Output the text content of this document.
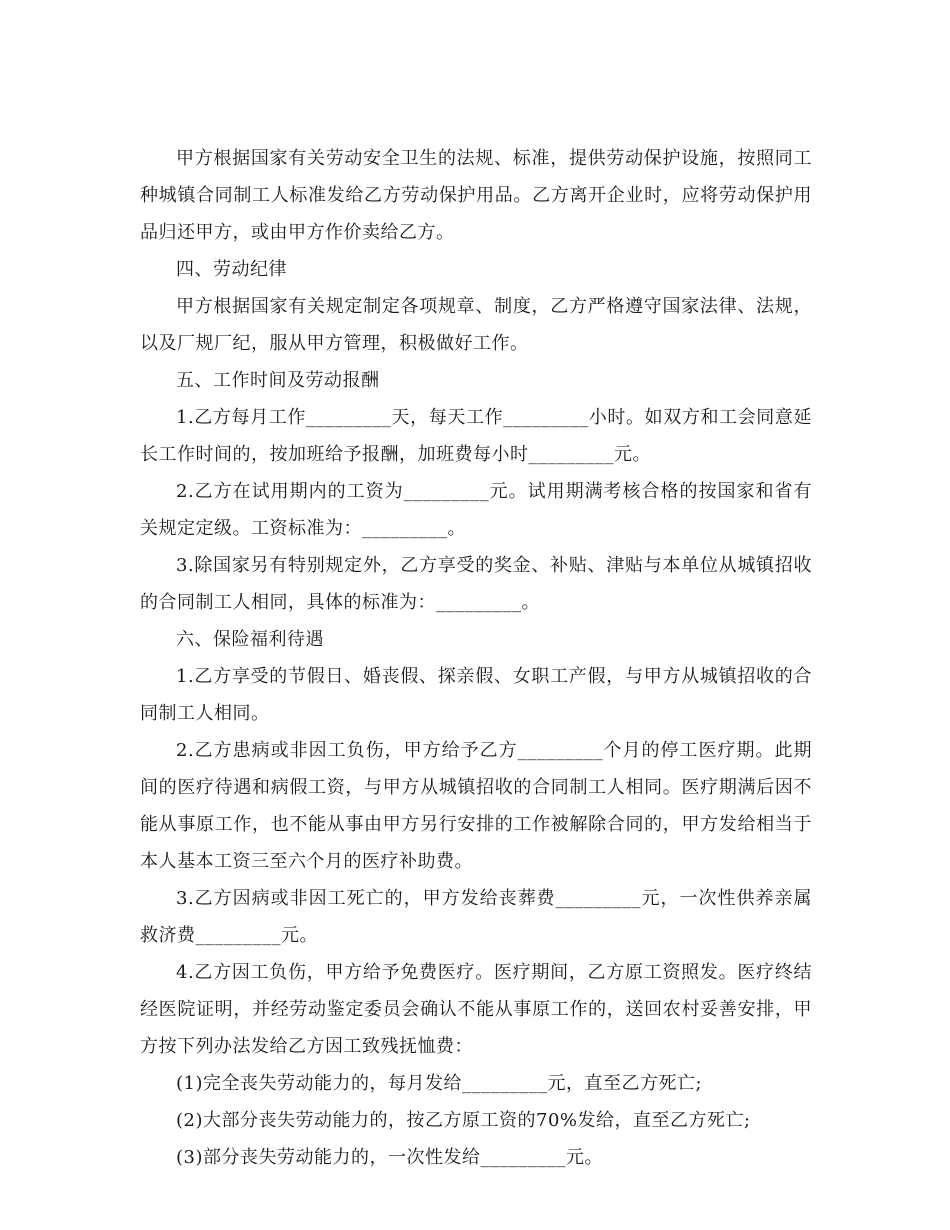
甲方根据国家有关劳动安全卫生的法规、标准，提供劳动保护设施，按照同工种城镇合同制工人标准发给乙方劳动保护用品。乙方离开企业时，应将劳动保护用品归还甲方，或由甲方作价卖给乙方。

四、劳动纪律

甲方根据国家有关规定制定各项规章、制度，乙方严格遵守国家法律、法规，以及厂规厂纪，服从甲方管理，积极做好工作。

五、工作时间及劳动报酬

1.乙方每月工作_________天，每天工作_________小时。如双方和工会同意延长工作时间的，按加班给予报酬，加班费每小时_________元。

2.乙方在试用期内的工资为_________元。试用期满考核合格的按国家和省有关规定定级。工资标准为：_________。

3.除国家另有特别规定外，乙方享受的奖金、补贴、津贴与本单位从城镇招收的合同制工人相同，具体的标准为：_________。

六、保险福利待遇

1.乙方享受的节假日、婚丧假、探亲假、女职工产假，与甲方从城镇招收的合同制工人相同。

2.乙方患病或非因工负伤，甲方给予乙方_________个月的停工医疗期。此期间的医疗待遇和病假工资，与甲方从城镇招收的合同制工人相同。医疗期满后因不能从事原工作，也不能从事由甲方另行安排的工作被解除合同的，甲方发给相当于本人基本工资三至六个月的医疗补助费。

3.乙方因病或非因工死亡的，甲方发给丧葬费_________元，一次性供养亲属救济费_________元。

4.乙方因工负伤，甲方给予免费医疗。医疗期间，乙方原工资照发。医疗终结经医院证明，并经劳动鉴定委员会确认不能从事原工作的，送回农村妥善安排，甲方按下列办法发给乙方因工致残抚恤费：

(1)完全丧失劳动能力的，每月发给_________元，直至乙方死亡;

(2)大部分丧失劳动能力的，按乙方原工资的70%发给，直至乙方死亡;

(3)部分丧失劳动能力的，一次性发给_________元。
